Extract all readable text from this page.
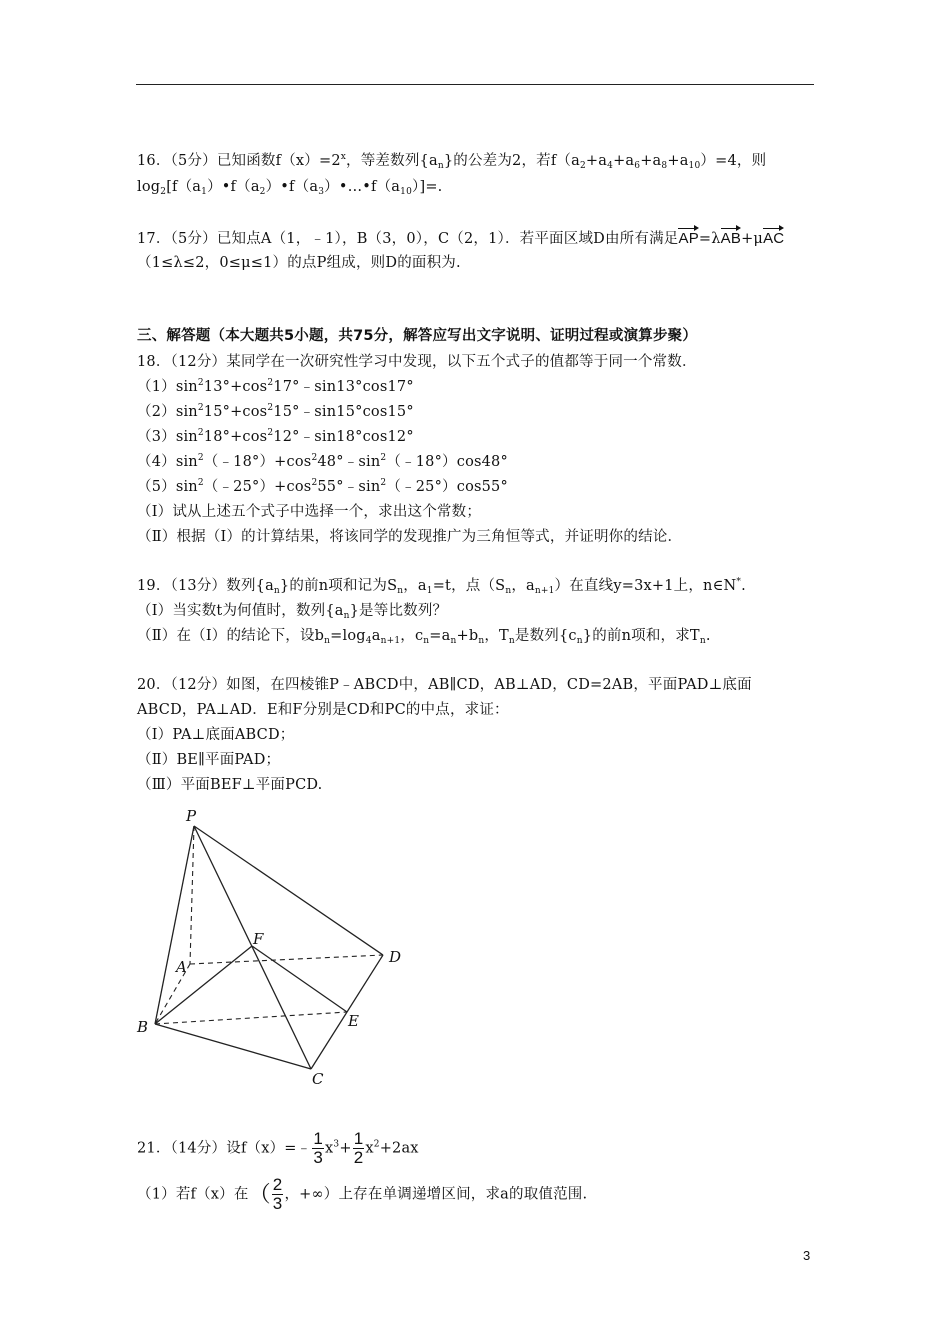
16．（5分）已知函数$f(x)=2^x$，等差数列$\{a_n\}$的公差为2，若$f(a_2+a_4+a_6+a_8+a_{10})=4$，则
$\log_2[f(a_1)•f(a_2)•f(a_3)•\dots•f(a_{10})]=$.
17．（5分）已知点A（1，﹣1），B（3，0），C（2，1）．若平面区域D由所有满足AP=λAB+μAC
（1≤λ≤2，0≤μ≤1）的点P组成，则D的面积为.
三、解答题（本大题共5小题，共75分，解答应写出文字说明、证明过程或演算步聚）
18．（12分）某同学在一次研究性学习中发现，以下五个式子的值都等于同一个常数．
$(1)\sin^213^\circ+\cos^217^\circ﹣\sin 13^\circ\cos 17^\circ$
$(2)\sin^215^\circ+\cos^215^\circ﹣\sin 15^\circ\cos 15^\circ$
$(3)\sin^218^\circ+\cos^212^\circ﹣\sin 18^\circ\cos 12^\circ$
$(4)\sin^2(﹣18^\circ)+\cos^248^\circ﹣\sin^2(﹣18^\circ)\cos 48^\circ$
$(5)\sin^2(﹣25^\circ)+\cos^255^\circ﹣\sin^2(﹣25^\circ)\cos 55^\circ$
（Ⅰ）试从上述五个式子中选择一个，求出这个常数；
（Ⅱ）根据（Ⅰ）的计算结果，将该同学的发现推广为三角恒等式，并证明你的结论．
19．（13分）数列$\{a_n\}$的前n项和记为$S_n$，$a_1=t$，点（$S_n$，$a_{n+1}$）在直线y=3x+1上，n∈N*.
（Ⅰ）当实数t为何值时，数列$\{a_n\}$是等比数列？
（Ⅱ）在（Ⅰ）的结论下，设$b_n=\log_4a_{n+1}$，$c_n=a_n+b_n$，$T_n$是数列$\{c_n\}$的前n项和，求$T_n$.
20．（12分）如图，在四棱锥P﹣ABCD中，AB∥CD，AB⊥AD，CD=2AB，平面PAD⊥底面
ABCD，PA⊥AD．E和F分别是CD和PC的中点，求证：
（Ⅰ）PA⊥底面ABCD；
（Ⅱ）BE∥平面PAD；
（Ⅲ）平面BEF⊥平面PCD.
P
A
B
C
D
E
F
21．（14分）设f（x）=﹣ $\frac{1}{3} x^3+ \frac{1}{2} x^2+2ax$
（1）若f（x）在（ $\frac{2}{3}$ ，+∞）上存在单调递增区间，求a的取值范围.
3
